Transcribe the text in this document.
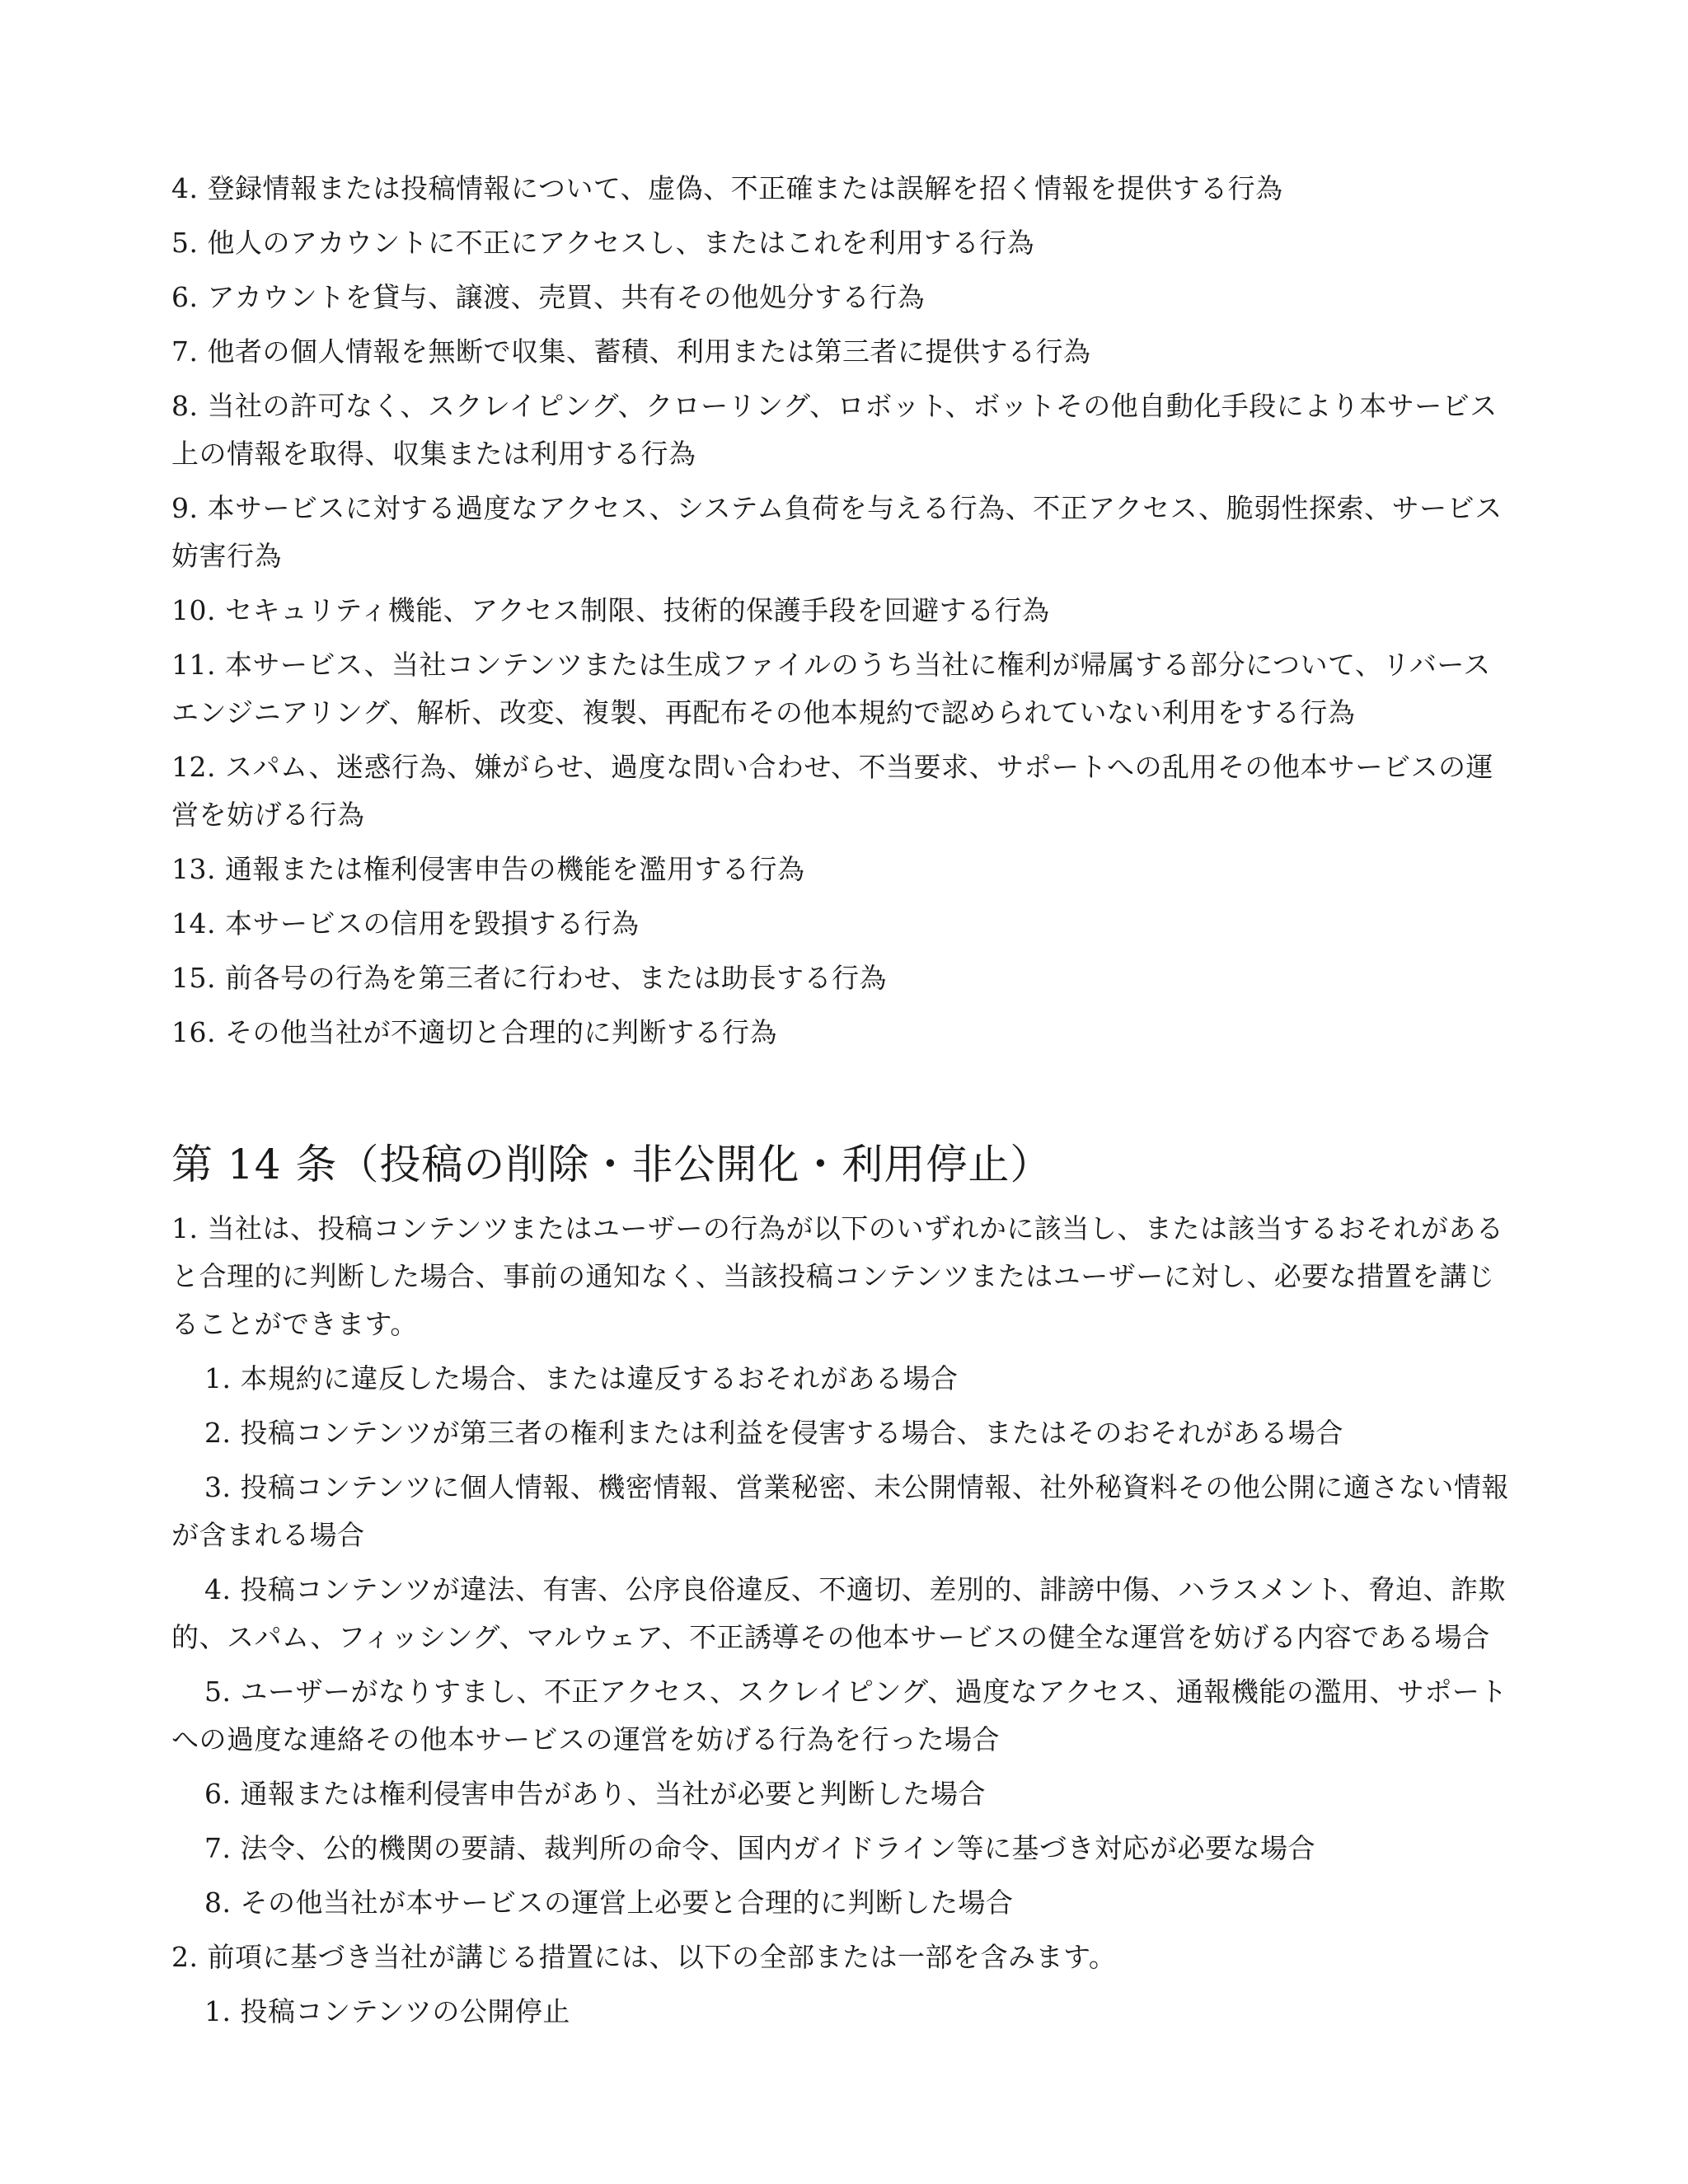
4. 登録情報または投稿情報について、虚偽、不正確または誤解を招く情報を提供する行為

5. 他人のアカウントに不正にアクセスし、またはこれを利用する行為

6. アカウントを貸与、譲渡、売買、共有その他処分する行為

7. 他者の個人情報を無断で収集、蓄積、利用または第三者に提供する行為

8. 当社の許可なく、スクレイピング、クローリング、ロボット、ボットその他自動化手段により本サービス上の情報を取得、収集または利用する行為

9. 本サービスに対する過度なアクセス、システム負荷を与える行為、不正アクセス、脆弱性探索、サービス妨害行為

10. セキュリティ機能、アクセス制限、技術的保護手段を回避する行為

11. 本サービス、当社コンテンツまたは生成ファイルのうち当社に権利が帰属する部分について、リバースエンジニアリング、解析、改変、複製、再配布その他本規約で認められていない利用をする行為

12. スパム、迷惑行為、嫌がらせ、過度な問い合わせ、不当要求、サポートへの乱用その他本サービスの運営を妨げる行為

13. 通報または権利侵害申告の機能を濫用する行為

14. 本サービスの信用を毀損する行為

15. 前各号の行為を第三者に行わせ、または助長する行為

16. その他当社が不適切と合理的に判断する行為

第 14 条（投稿の削除・非公開化・利用停止）

1. 当社は、投稿コンテンツまたはユーザーの行為が以下のいずれかに該当し、または該当するおそれがあると合理的に判断した場合、事前の通知なく、当該投稿コンテンツまたはユーザーに対し、必要な措置を講じることができます。

1. 本規約に違反した場合、または違反するおそれがある場合

2. 投稿コンテンツが第三者の権利または利益を侵害する場合、またはそのおそれがある場合

3. 投稿コンテンツに個人情報、機密情報、営業秘密、未公開情報、社外秘資料その他公開に適さない情報が含まれる場合

4. 投稿コンテンツが違法、有害、公序良俗違反、不適切、差別的、誹謗中傷、ハラスメント、脅迫、詐欺的、スパム、フィッシング、マルウェア、不正誘導その他本サービスの健全な運営を妨げる内容である場合

5. ユーザーがなりすまし、不正アクセス、スクレイピング、過度なアクセス、通報機能の濫用、サポートへの過度な連絡その他本サービスの運営を妨げる行為を行った場合

6. 通報または権利侵害申告があり、当社が必要と判断した場合

7. 法令、公的機関の要請、裁判所の命令、国内ガイドライン等に基づき対応が必要な場合

8. その他当社が本サービスの運営上必要と合理的に判断した場合

2. 前項に基づき当社が講じる措置には、以下の全部または一部を含みます。

1. 投稿コンテンツの公開停止
